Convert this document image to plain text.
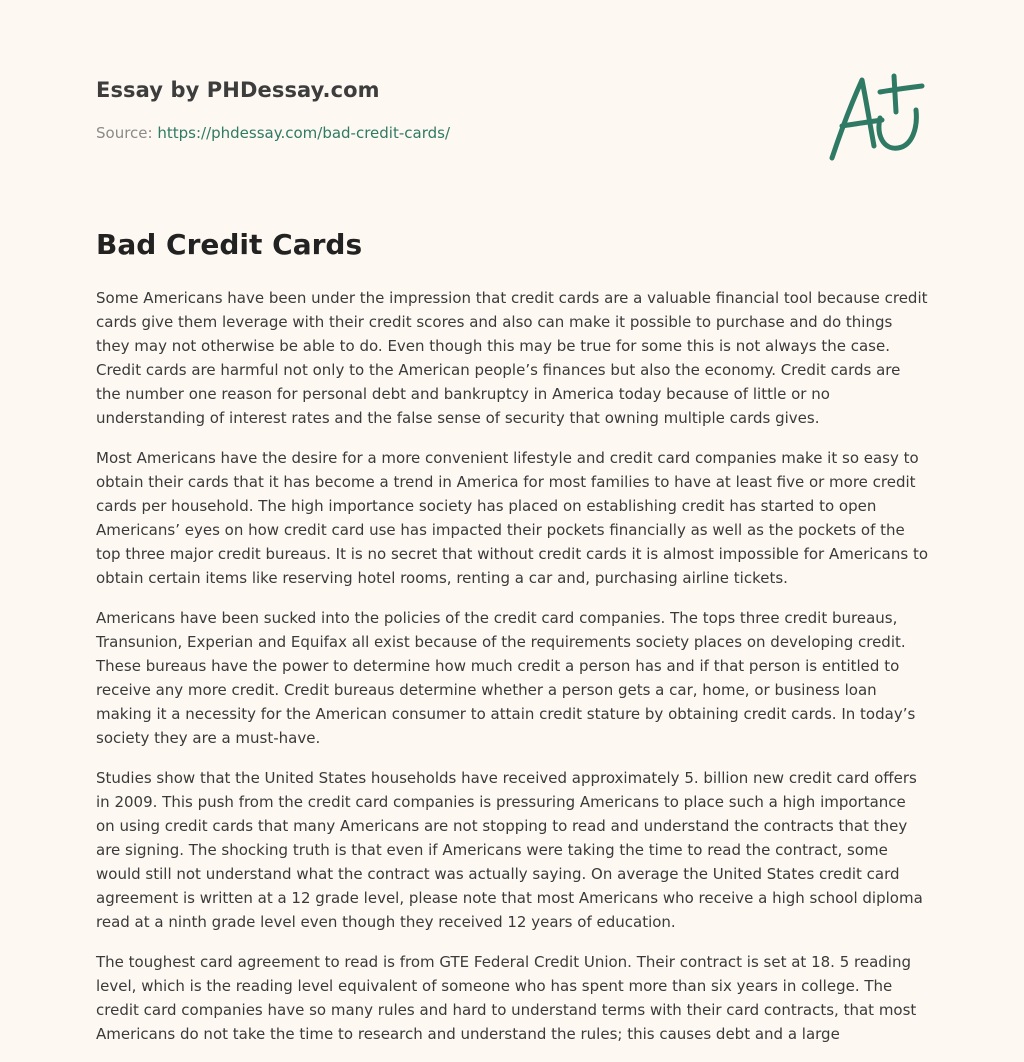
Essay by PHDessay.com
Source: https://phdessay.com/bad-credit-cards/
Bad Credit Cards

Some Americans have been under the impression that credit cards are a valuable financial tool because credit cards give them leverage with their credit scores and also can make it possible to purchase and do things they may not otherwise be able to do. Even though this may be true for some this is not always the case. Credit cards are harmful not only to the American people’s finances but also the economy. Credit cards are the number one reason for personal debt and bankruptcy in America today because of little or no understanding of interest rates and the false sense of security that owning multiple cards gives.

Most Americans have the desire for a more convenient lifestyle and credit card companies make it so easy to obtain their cards that it has become a trend in America for most families to have at least five or more credit cards per household. The high importance society has placed on establishing credit has started to open Americans’ eyes on how credit card use has impacted their pockets financially as well as the pockets of the top three major credit bureaus. It is no secret that without credit cards it is almost impossible for Americans to obtain certain items like reserving hotel rooms, renting a car and, purchasing airline tickets.

Americans have been sucked into the policies of the credit card companies. The tops three credit bureaus, Transunion, Experian and Equifax all exist because of the requirements society places on developing credit. These bureaus have the power to determine how much credit a person has and if that person is entitled to receive any more credit. Credit bureaus determine whether a person gets a car, home, or business loan making it a necessity for the American consumer to attain credit stature by obtaining credit cards. In today’s society they are a must-have.

Studies show that the United States households have received approximately 5. billion new credit card offers in 2009. This push from the credit card companies is pressuring Americans to place such a high importance on using credit cards that many Americans are not stopping to read and understand the contracts that they are signing. The shocking truth is that even if Americans were taking the time to read the contract, some would still not understand what the contract was actually saying. On average the United States credit card agreement is written at a 12 grade level, please note that most Americans who receive a high school diploma read at a ninth grade level even though they received 12 years of education.

The toughest card agreement to read is from GTE Federal Credit Union. Their contract is set at 18. 5 reading level, which is the reading level equivalent of someone who has spent more than six years in college. The credit card companies have so many rules and hard to understand terms with their card contracts, that most Americans do not take the time to research and understand the rules; this causes debt and a large
